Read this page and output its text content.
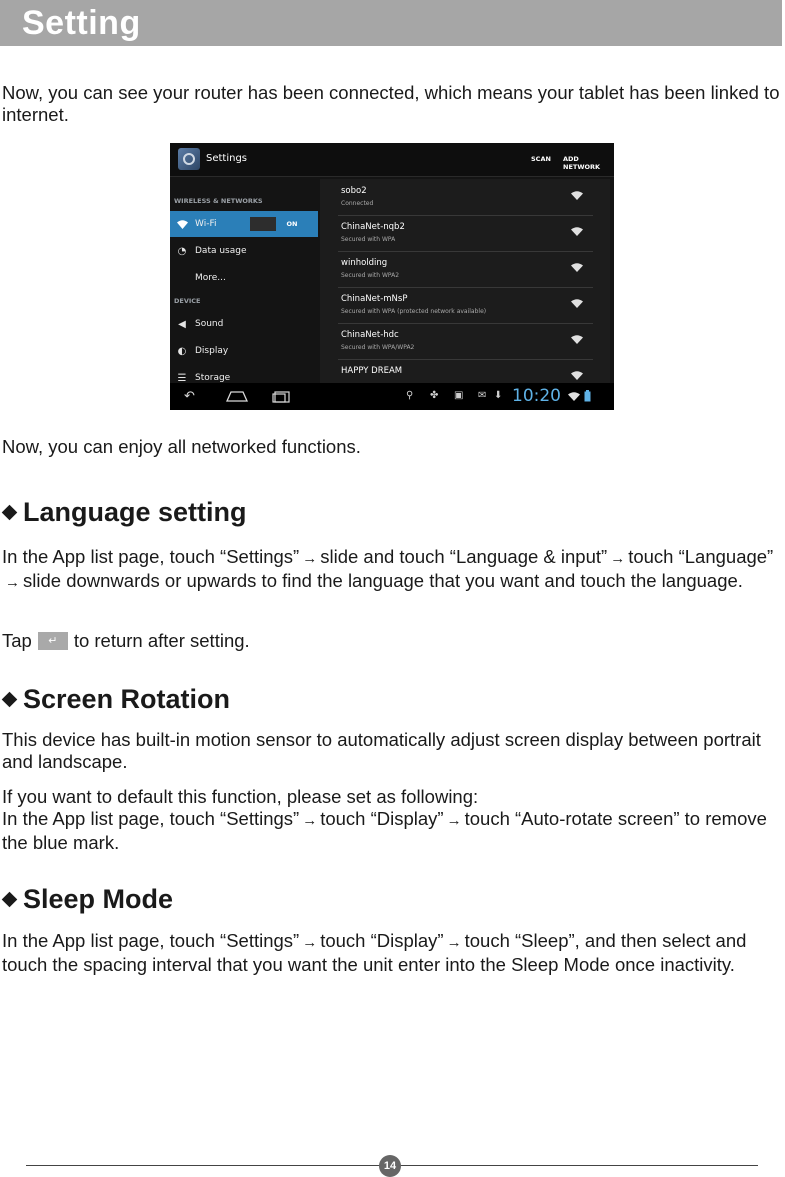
Setting

Now, you can see your router has been connected, which means your tablet has been linked to internet.

Settings	SCAN ADD NETWORK
WIRELESS & NETWORKS
Wi-Fi	ON
◔ Data usage
More...
DEVICE
◀ Sound
◐ Display
☰ Storage
sobo2
Connected
ChinaNet-nqb2
Secured with WPA
winholding
Secured with WPA2
ChinaNet-mNsP
Secured with WPA (protected network available)
ChinaNet-hdc
Secured with WPA/WPA2
HAPPY DREAM
↶	⚲ ✤ ▣ ✉ ⬇ 10:20

Now, you can enjoy all networked functions.

Language setting

In the App list page, touch “Settings” → slide and touch “Language & input” → touch “Language”→ slide downwards or upwards to find the language that you want and touch the language.

Tap	↵ to return after setting.

Screen Rotation

This device has built-in motion sensor to automatically adjust screen display between portrait and landscape.

If you want to default this function, please set as following:

In the App list page, touch “Settings” → touch “Display” → touch “Auto-rotate screen” to remove the blue mark.

Sleep Mode

In the App list page, touch “Settings” → touch “Display” → touch “Sleep”, and then select and touch the spacing interval that you want the unit enter into the Sleep Mode once inactivity.

14
